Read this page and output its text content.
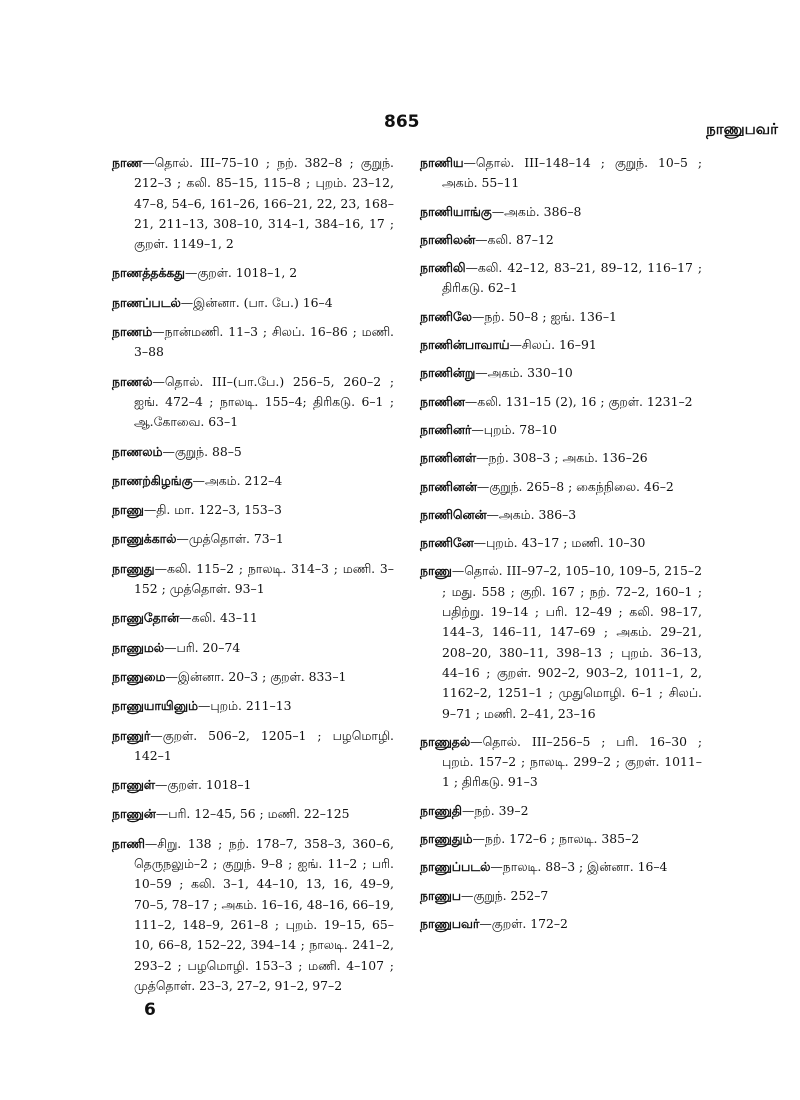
865	நாணுபவர்
நாண—தொல். III–75–10 ; நற். 382–8 ; குறுந். 212–3 ; கலி. 85–15, 115–8 ; புறம். 23–12, 47–8, 54–6, 161–26, 166–21, 22, 23, 168–21, 211–13, 308–10, 314–1, 384–16, 17 ; குறள். 1149–1, 2
நாணத்தக்கது—குறள். 1018–1, 2
நாணப்படல்—இன்னா. (பா. பே.) 16–4
நாணம்—நான்மணி. 11–3 ; சிலப். 16–86 ; மணி. 3–88
நாணல்—தொல். III–(பா.பே.) 256–5, 260–2 ; ஐங். 472–4 ; நாலடி. 155–4; திரிகடு. 6–1 ; ஆ.கோவை. 63–1
நாணலம்—குறுந். 88–5
நாணற்கிழங்கு—அகம். 212–4
நாணு—தி. மா. 122–3, 153–3
நாணுக்கால்—முத்தொள். 73–1
நாணுது—கலி. 115–2 ; நாலடி. 314–3 ; மணி. 3–152 ; முத்தொள். 93–1
நாணுதோன்—கலி. 43–11
நாணுமல்—பரி. 20–74
நாணுமை—இன்னா. 20–3 ; குறள். 833–1
நாணுயாயினும்—புறம். 211–13
நாணுர்—குறள். 506–2, 1205–1 ; பழமொழி. 142–1
நாணுள்—குறள். 1018–1
நாணுன்—பரி. 12–45, 56 ; மணி. 22–125
நாணி—சிறு. 138 ; நற். 178–7, 358–3, 360–6, தெருநலும்–2 ; குறுந். 9–8 ; ஐங். 11–2 ; பரி. 10–59 ; கலி. 3–1, 44–10, 13, 16, 49–9, 70–5, 78–17 ; அகம். 16–16, 48–16, 66–19, 111–2, 148–9, 261–8 ; புறம். 19–15, 65–10, 66–8, 152–22, 394–14 ; நாலடி. 241–2, 293–2 ; பழமொழி. 153–3 ; மணி. 4–107 ; முத்தொள். 23–3, 27–2, 91–2, 97–2
நாணிய—தொல். III–148–14 ; குறுந். 10–5 ; அகம். 55–11
நாணியாங்கு—அகம். 386–8
நாணிலன்—கலி. 87–12
நாணிலி—கலி. 42–12, 83–21, 89–12, 116–17 ; திரிகடு. 62–1
நாணிலே—நற். 50–8 ; ஐங். 136–1
நாணின்பாவாய்—சிலப். 16–91
நாணின்று—அகம். 330–10
நாணின—கலி. 131–15 (2), 16 ; குறள். 1231–2
நாணினர்—புறம். 78–10
நாணினள்—நற். 308–3 ; அகம். 136–26
நாணினன்—குறுந். 265–8 ; கைந்நிலை. 46–2
நாணினென்—அகம். 386–3
நாணினே—புறம். 43–17 ; மணி. 10–30
நாணு—தொல். III–97–2, 105–10, 109–5, 215–2 ; மது. 558 ; குறி. 167 ; நற். 72–2, 160–1 ; பதிற்று. 19–14 ; பரி. 12–49 ; கலி. 98–17, 144–3, 146–11, 147–69 ; அகம். 29–21, 208–20, 380–11, 398–13 ; புறம். 36–13, 44–16 ; குறள். 902–2, 903–2, 1011–1, 2, 1162–2, 1251–1 ; முதுமொழி. 6–1 ; சிலப். 9–71 ; மணி. 2–41, 23–16
நாணுதல்—தொல். III–256–5 ; பரி. 16–30 ; புறம். 157–2 ; நாலடி. 299–2 ; குறள். 1011–1 ; திரிகடு. 91–3
நாணுதி—நற். 39–2
நாணுதும்—நற். 172–6 ; நாலடி. 385–2
நாணுப்படல்—நாலடி. 88–3 ; இன்னா. 16–4
நாணுப—குறுந். 252–7
நாணுபவர்—குறள். 172–2
6
